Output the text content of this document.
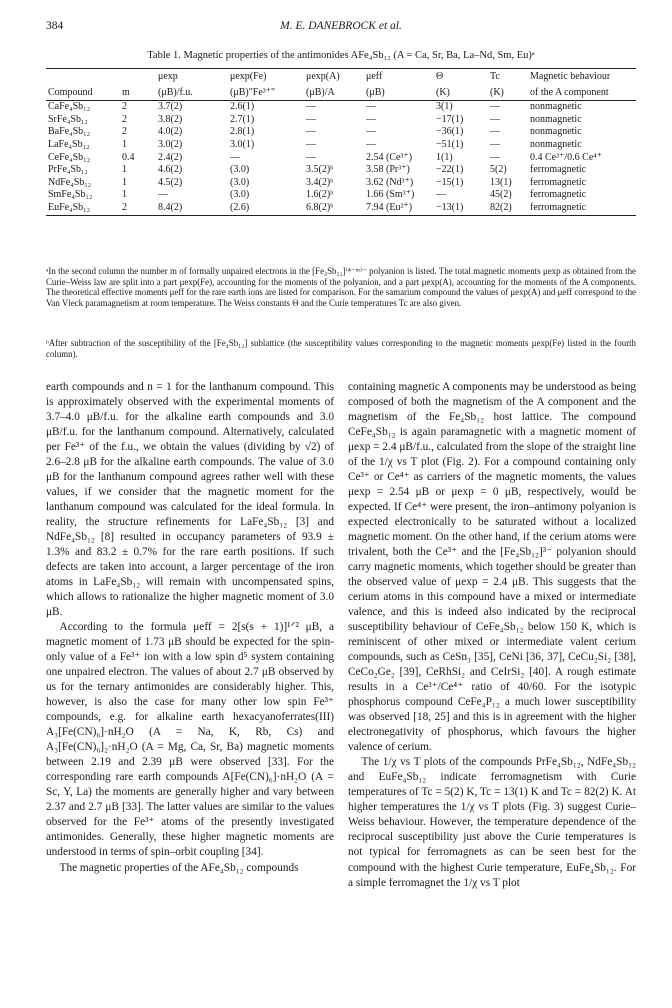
384	M. E. DANEBROCK et al.
Table 1. Magnetic properties of the antimonides AFe₄Sb₁₂ (A = Ca, Sr, Ba, La–Nd, Sm, Eu)ᵃ
		μexp	μexp(Fe)	μexp(A)	μeff	Θ	Tc	Magnetic behaviour
Compound	m	(μB)/f.u.	(μB)"Fe³⁺"	(μB)/A	(μB)	(K)	(K)	of the A component
CaFe₄Sb₁₂	2	3.7(2)	2.6(1)	—	—	3(1)	—	nonmagnetic
SrFe₄Sb₁₂	2	3.8(2)	2.7(1)	—	—	−17(1)	—	nonmagnetic
BaFe₄Sb₁₂	2	4.0(2)	2.8(1)	—	—	−36(1)	—	nonmagnetic
LaFe₄Sb₁₂	1	3.0(2)	3.0(1)	—	—	−51(1)	—	nonmagnetic
CeFe₄Sb₁₂	0.4	2.4(2)	—	—	2.54 (Ce³⁺)	1(1)	—	0.4 Ce³⁺/0.6 Ce⁴⁺
PrFe₄Sb₁₂	1	4.6(2)	(3.0)	3.5(2)ᵇ	3.58 (Pr³⁺)	−22(1)	5(2)	ferromagnetic
NdFe₄Sb₁₂	1	4.5(2)	(3.0)	3.4(2)ᵇ	3.62 (Nd³⁺)	−15(1)	13(1)	ferromagnetic
SmFe₄Sb₁₂	1	—	(3.0)	1.6(2)ᵇ	1.66 (Sm³⁺)	—	45(2)	ferromagnetic
EuFe₄Sb₁₂	2	8.4(2)	(2.6)	6.8(2)ᵇ	7.94 (Eu²⁺)	−13(1)	82(2)	ferromagnetic
ᵃIn the second column the number m of formally unpaired electrons in the [Fe₄Sb₁₂]⁽⁴⁻ᵐ⁾⁻ polyanion is listed. The total magnetic moments μexp as obtained from the Curie–Weiss law are split into a part μexp(Fe), accounting for the moments of the polyanion, and a part μexp(A), accounting for the moments of the A components. The theoretical effective moments μeff for the rare earth ions are listed for comparison. For the samarium compound the values of μexp(A) and μeff correspond to the Van Vleck paramagnetism at room temperature. The Weiss constants Θ and the Curie temperatures Tc are also given.
ᵇAfter subtraction of the susceptibility of the [Fe₄Sb₁₂] sublattice (the susceptibility values corresponding to the magnetic moments μexp(Fe) listed in the fourth column).

earth compounds and n = 1 for the lanthanum compound. This is approximately observed with the experimental moments of 3.7–4.0 μB/f.u. for the alkaline earth compounds and 3.0 μB/f.u. for the lanthanum compound. Alternatively, calculated per Fe³⁺ of the f.u., we obtain the values (dividing by √2) of 2.6–2.8 μB for the alkaline earth compounds. The value of 3.0 μB for the lanthanum compound agrees rather well with these values, if we consider that the magnetic moment for the lanthanum compound was calculated for the ideal formula. In reality, the structure refinements for LaFe₄Sb₁₂ [3] and NdFe₄Sb₁₂ [8] resulted in occupancy parameters of 93.9 ± 1.3% and 83.2 ± 0.7% for the rare earth positions. If such defects are taken into account, a larger percentage of the iron atoms in LaFe₄Sb₁₂ will remain with uncompensated spins, which allows to rationalize the higher magnetic moment of 3.0 μB.

According to the formula μeff = 2[s(s + 1)]¹ᐟ² μB, a magnetic moment of 1.73 μB should be expected for the spin-only value of a Fe³⁺ ion with a low spin d⁵ system containing one unpaired electron. The values of about 2.7 μB observed by us for the ternary antimonides are considerably higher. This, however, is also the case for many other low spin Fe³⁺ compounds, e.g. for alkaline earth hexacyanoferrates(III) A₃[Fe(CN)₆]·nH₂O (A = Na, K, Rb, Cs) and A₃[Fe(CN)₆]₂·nH₂O (A = Mg, Ca, Sr, Ba) magnetic moments between 2.19 and 2.39 μB were observed [33]. For the corresponding rare earth compounds A[Fe(CN)₆]·nH₂O (A = Sc, Y, La) the moments are generally higher and vary between 2.37 and 2.7 μB [33]. The latter values are similar to the values observed for the Fe³⁺ atoms of the presently investigated antimonides. Generally, these higher magnetic moments are understood in terms of spin–orbit coupling [34].

The magnetic properties of the AFe₄Sb₁₂ compounds

containing magnetic A components may be understood as being composed of both the magnetism of the A component and the magnetism of the Fe₄Sb₁₂ host lattice. The compound CeFe₄Sb₁₂ is again paramagnetic with a magnetic moment of μexp = 2.4 μB/f.u., calculated from the slope of the straight line of the 1/χ vs T plot (Fig. 2). For a compound containing only Ce³⁺ or Ce⁴⁺ as carriers of the magnetic moments, the values μexp = 2.54 μB or μexp = 0 μB, respectively, would be expected. If Ce⁴⁺ were present, the iron–antimony polyanion is expected electronically to be saturated without a localized magnetic moment. On the other hand, if the cerium atoms were trivalent, both the Ce³⁺ and the [Fe₄Sb₁₂]³⁻ polyanion should carry magnetic moments, which together should be greater than the observed value of μexp = 2.4 μB. This suggests that the cerium atoms in this compound have a mixed or intermediate valence, and this is indeed also indicated by the reciprocal susceptibility behaviour of CeFe₄Sb₁₂ below 150 K, which is reminiscent of other mixed or intermediate valent cerium compounds, such as CeSn₃ [35], CeNi [36, 37], CeCu₂Si₂ [38], CeCo₂Ge₂ [39], CeRhSi₂ and CeIrSi₂ [40]. A rough estimate results in a Ce³⁺/Ce⁴⁺ ratio of 40/60. For the isotypic phosphorus compound CeFe₄P₁₂ a much lower susceptibility was observed [18, 25] and this is in agreement with the higher electronegativity of phosphorus, which favours the higher valence of cerium.

The 1/χ vs T plots of the compounds PrFe₄Sb₁₂, NdFe₄Sb₁₂ and EuFe₄Sb₁₂ indicate ferromagnetism with Curie temperatures of Tc = 5(2) K, Tc = 13(1) K and Tc = 82(2) K. At higher temperatures the 1/χ vs T plots (Fig. 3) suggest Curie–Weiss behaviour. However, the temperature dependence of the reciprocal susceptibility just above the Curie temperatures is not typical for ferromagnets as can be seen best for the compound with the highest Curie temperature, EuFe₄Sb₁₂. For a simple ferromagnet the 1/χ vs T plot
